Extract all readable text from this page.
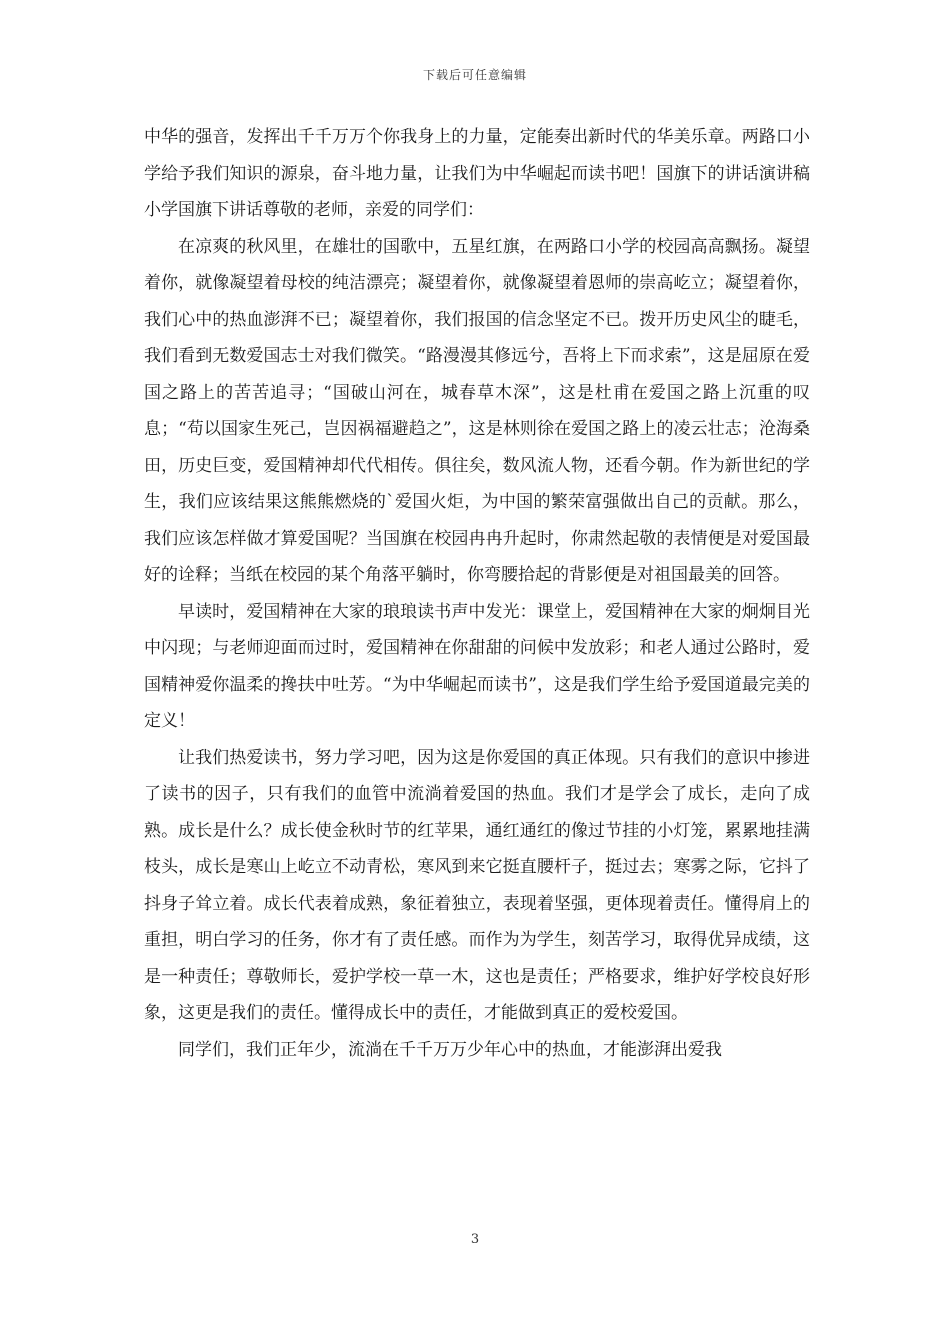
下载后可任意编辑

中华的强音，发挥出千千万万个你我身上的力量，定能奏出新时代的华美乐章。两路口小学给予我们知识的源泉，奋斗地力量，让我们为中华崛起而读书吧！国旗下的讲话演讲稿小学国旗下讲话尊敬的老师，亲爱的同学们：

在凉爽的秋风里，在雄壮的国歌中，五星红旗，在两路口小学的校园高高飘扬。凝望着你，就像凝望着母校的纯洁漂亮；凝望着你，就像凝望着恩师的崇高屹立；凝望着你，我们心中的热血澎湃不已；凝望着你，我们报国的信念坚定不已。拨开历史风尘的睫毛，我们看到无数爱国志士对我们微笑。“路漫漫其修远兮，吾将上下而求索”，这是屈原在爱国之路上的苦苦追寻；“国破山河在，城春草木深”，这是杜甫在爱国之路上沉重的叹息；“苟以国家生死己，岂因祸福避趋之”，这是林则徐在爱国之路上的凌云壮志；沧海桑田，历史巨变，爱国精神却代代相传。俱往矣，数风流人物，还看今朝。作为新世纪的学生，我们应该结果这熊熊燃烧的`爱国火炬，为中国的繁荣富强做出自己的贡献。那么，我们应该怎样做才算爱国呢？当国旗在校园冉冉升起时，你肃然起敬的表情便是对爱国最好的诠释；当纸在校园的某个角落平躺时，你弯腰拾起的背影便是对祖国最美的回答。

早读时，爱国精神在大家的琅琅读书声中发光：课堂上，爱国精神在大家的炯炯目光中闪现；与老师迎面而过时，爱国精神在你甜甜的问候中发放彩；和老人通过公路时，爱国精神爱你温柔的搀扶中吐芳。“为中华崛起而读书”，这是我们学生给予爱国道最完美的定义！

让我们热爱读书，努力学习吧，因为这是你爱国的真正体现。只有我们的意识中掺进了读书的因子，只有我们的血管中流淌着爱国的热血。我们才是学会了成长，走向了成熟。成长是什么？成长使金秋时节的红苹果，通红通红的像过节挂的小灯笼，累累地挂满枝头，成长是寒山上屹立不动青松，寒风到来它挺直腰杆子，挺过去；寒雾之际，它抖了抖身子耸立着。成长代表着成熟，象征着独立，表现着坚强，更体现着责任。懂得肩上的重担，明白学习的任务，你才有了责任感。而作为为学生，刻苦学习，取得优异成绩，这是一种责任；尊敬师长，爱护学校一草一木，这也是责任；严格要求，维护好学校良好形象，这更是我们的责任。懂得成长中的责任，才能做到真正的爱校爱国。

同学们，我们正年少，流淌在千千万万少年心中的热血，才能澎湃出爱我

3
